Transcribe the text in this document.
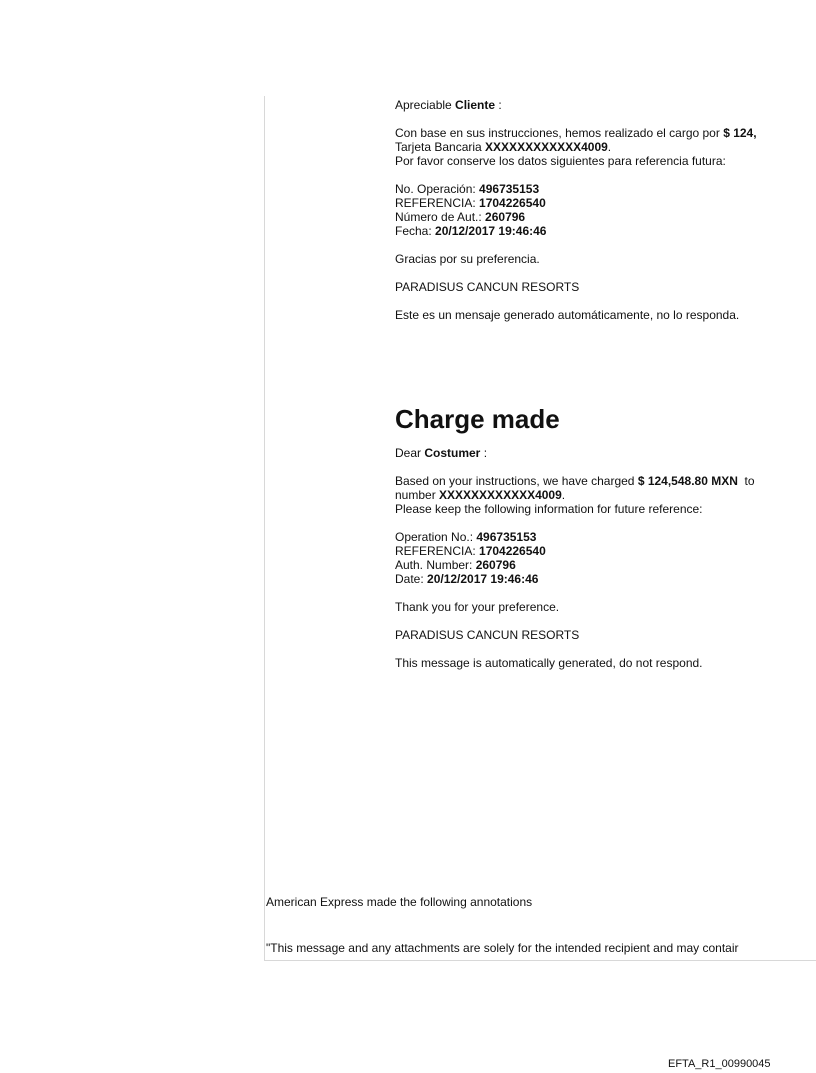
Apreciable Cliente :

Con base en sus instrucciones, hemos realizado el cargo por $ 124,

Tarjeta Bancaria XXXXXXXXXXXX4009.

Por favor conserve los datos siguientes para referencia futura:

No. Operación: 496735153

REFERENCIA: 1704226540

Número de Aut.: 260796

Fecha: 20/12/2017 19:46:46

Gracias por su preferencia.

PARADISUS CANCUN RESORTS

Este es un mensaje generado automáticamente, no lo responda.

Charge made

Dear Costumer :

Based on your instructions, we have charged $ 124,548.80 MXN  to

number XXXXXXXXXXXX4009.

Please keep the following information for future reference:

Operation No.: 496735153

REFERENCIA: 1704226540

Auth. Number: 260796

Date: 20/12/2017 19:46:46

Thank you for your preference.

PARADISUS CANCUN RESORTS

This message is automatically generated, do not respond.

American Express made the following annotations

"This message and any attachments are solely for the intended recipient and may contair

EFTA_R1_00990045
